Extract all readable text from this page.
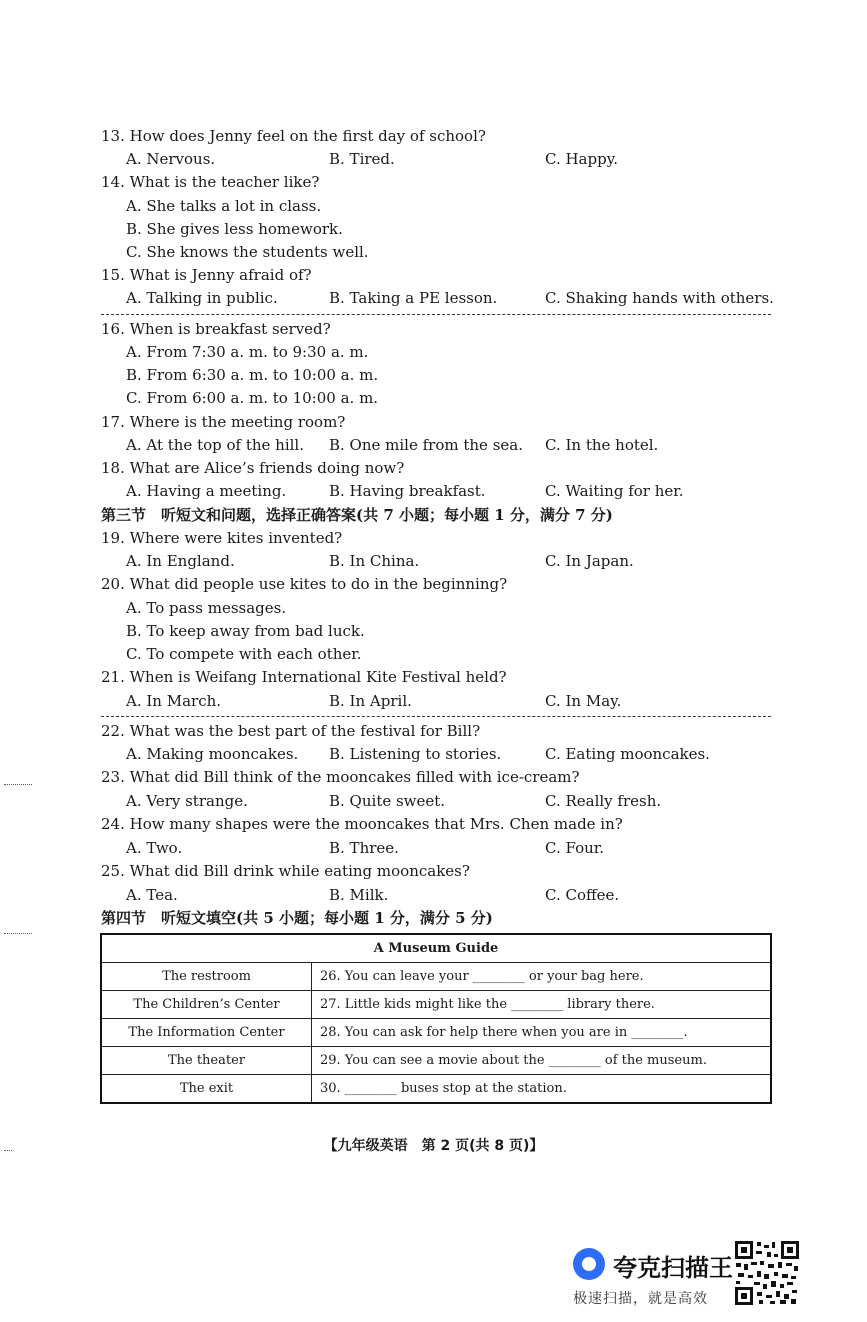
13. How does Jenny feel on the first day of school?
A. Nervous.	B. Tired.	C. Happy.
14. What is the teacher like?
A. She talks a lot in class.
B. She gives less homework.
C. She knows the students well.
15. What is Jenny afraid of?
A. Talking in public.	B. Taking a PE lesson.	C. Shaking hands with others.
16. When is breakfast served?
A. From 7:30 a. m. to 9:30 a. m.
B. From 6:30 a. m. to 10:00 a. m.
C. From 6:00 a. m. to 10:00 a. m.
17. Where is the meeting room?
A. At the top of the hill. B. One mile from the sea. C. In the hotel.
18. What are Alice’s friends doing now?
A. Having a meeting.	B. Having breakfast.	C. Waiting for her.
第三节　听短文和问题，选择正确答案(共 7 小题；每小题 1 分，满分 7 分)
19. Where were kites invented?
A. In England.	B. In China.	C. In Japan.
20. What did people use kites to do in the beginning?
A. To pass messages.
B. To keep away from bad luck.
C. To compete with each other.
21. When is Weifang International Kite Festival held?
A. In March.	B. In April.	C. In May.
22. What was the best part of the festival for Bill?
A. Making mooncakes. B. Listening to stories.	C. Eating mooncakes.
23. What did Bill think of the mooncakes filled with ice-cream?
A. Very strange.	B. Quite sweet.	C. Really fresh.
24. How many shapes were the mooncakes that Mrs. Chen made in?
A. Two.	B. Three.	C. Four.
25. What did Bill drink while eating mooncakes?
A. Tea.	B. Milk.	C. Coffee.
第四节　听短文填空(共 5 小题；每小题 1 分，满分 5 分)
A Museum Guide	
The restroom	26. You can leave your ________ or your bag here.
The Children’s Center	27. Little kids might like the ________ library there.
The Information Center	28. You can ask for help there when you are in ________.
The theater	29. You can see a movie about the ________ of the museum.
The exit	30. ________ buses stop at the station.
【九年级英语　第 2 页(共 8 页)】
夸克扫描王
极速扫描，就是高效
